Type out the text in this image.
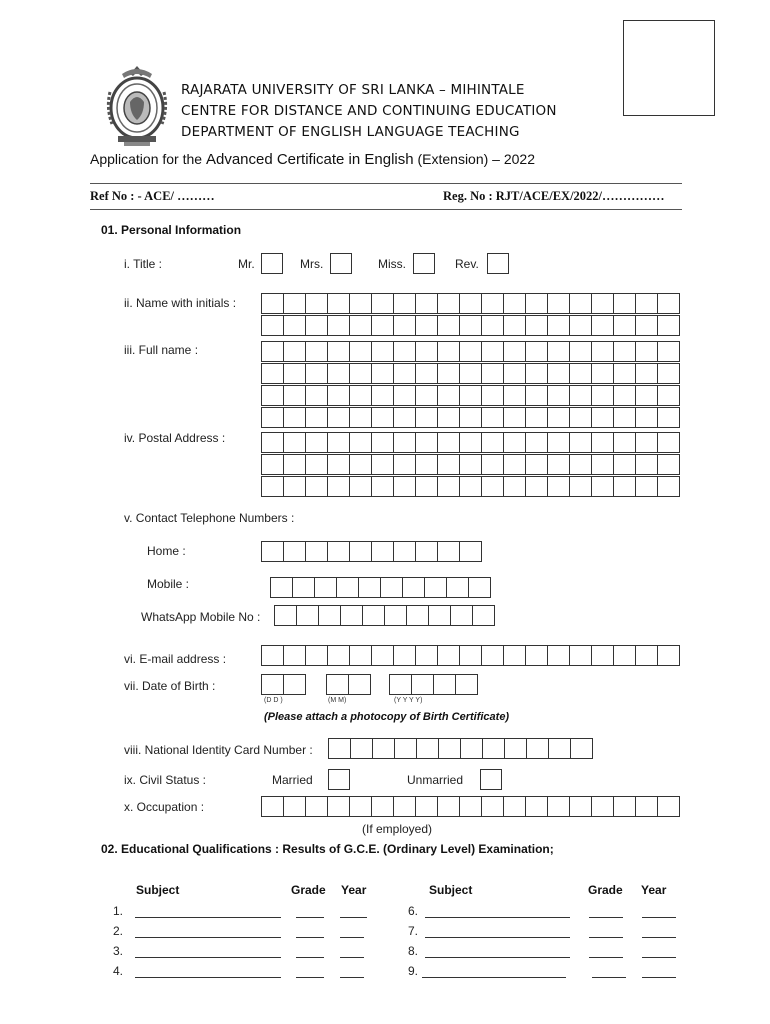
RAJARATA UNIVERSITY OF SRI LANKA – MIHINTALE
CENTRE FOR DISTANCE AND CONTINUING EDUCATION
DEPARTMENT OF ENGLISH LANGUAGE TEACHING
Application for the Advanced Certificate in English (Extension) – 2022
Ref No : - ACE/ ………	Reg. No : RJT/ACE/EX/2022/……………
01. Personal Information
i. Title :	Mr.	Mrs.	Miss.	Rev.
ii. Name with initials :
iii. Full name :
iv. Postal Address :
v. Contact Telephone Numbers :
Home :
Mobile :
WhatsApp Mobile No :
vi. E-mail address :
vii. Date of Birth :
(D D )	(M M)	(Y Y Y Y)
(Please attach a photocopy of Birth Certificate)
viii. National Identity Card Number :
ix. Civil Status :	Married	Unmarried
x. Occupation :
(If employed)
02. Educational Qualifications : Results of G.C.E. (Ordinary Level) Examination;
Subject	Grade Year	Subject	Grade Year
1.
2.
3.
4.
6.
7.
8.
9.
